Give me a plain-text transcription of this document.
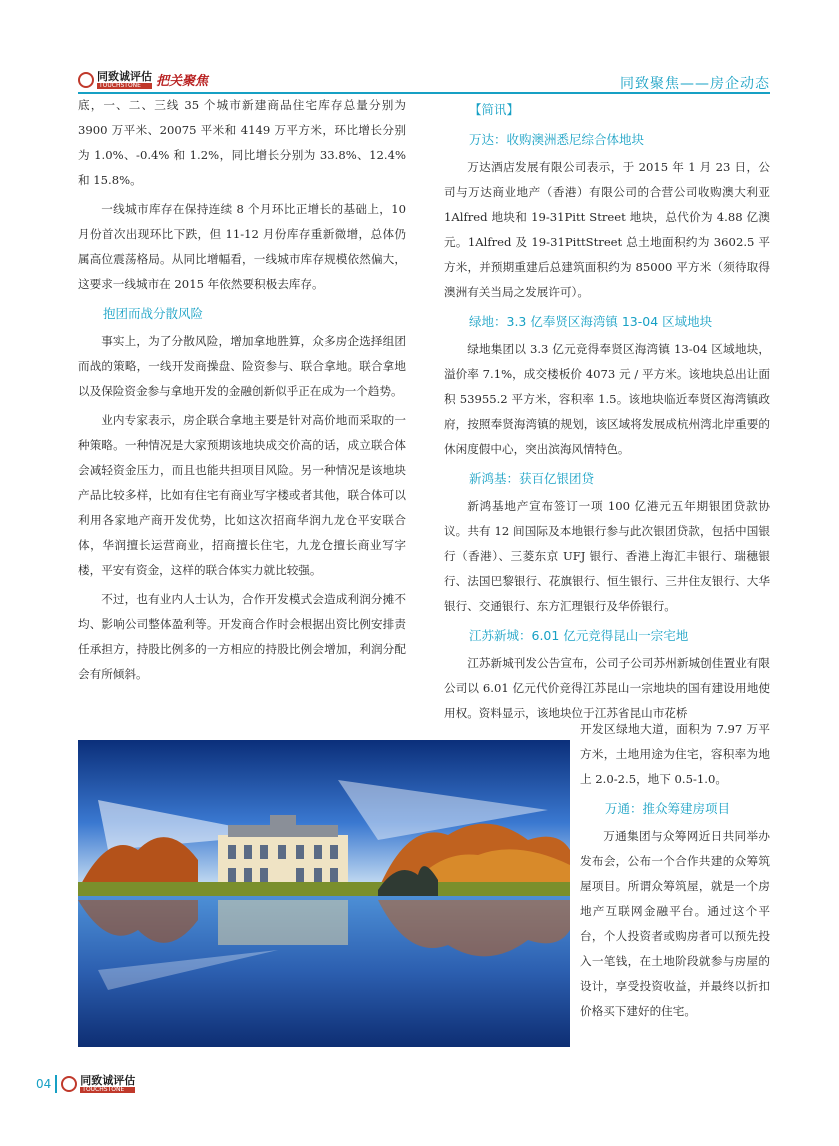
同致诚评估
TOUCHSTONE	把关聚焦	同致聚焦——房企动态

底，一、二、三线 35 个城市新建商品住宅库存总量分别为 3900 万平米、20075 平米和 4149 万平方米，环比增长分别为 1.0%、-0.4% 和 1.2%，同比增长分别为 33.8%、12.4% 和 15.8%。

一线城市库存在保持连续 8 个月环比正增长的基础上，10 月份首次出现环比下跌，但 11-12 月份库存重新微增，总体仍属高位震荡格局。从同比增幅看，一线城市库存规模依然偏大，这要求一线城市在 2015 年依然要积极去库存。

抱团而战分散风险

事实上，为了分散风险，增加拿地胜算，众多房企选择组团而战的策略，一线开发商操盘、险资参与、联合拿地。联合拿地以及保险资金参与拿地开发的金融创新似乎正在成为一个趋势。

业内专家表示，房企联合拿地主要是针对高价地而采取的一种策略。一种情况是大家预期该地块成交价高的话，成立联合体会减轻资金压力，而且也能共担项目风险。另一种情况是该地块产品比较多样，比如有住宅有商业写字楼或者其他，联合体可以利用各家地产商开发优势，比如这次招商华润九龙仓平安联合体，华润擅长运营商业，招商擅长住宅，九龙仓擅长商业写字楼，平安有资金，这样的联合体实力就比较强。

不过，也有业内人士认为，合作开发模式会造成利润分摊不均、影响公司整体盈利等。开发商合作时会根据出资比例安排责任承担方，持股比例多的一方相应的持股比例会增加，利润分配会有所倾斜。

【简讯】
万达：收购澳洲悉尼综合体地块

万达酒店发展有限公司表示，于 2015 年 1 月 23 日，公司与万达商业地产（香港）有限公司的合营公司收购澳大利亚 1Alfred 地块和 19-31Pitt Street 地块，总代价为 4.88 亿澳元。1Alfred 及 19-31PittStreet 总土地面积约为 3602.5 平方米，并预期重建后总建筑面积约为 85000 平方米（须待取得澳洲有关当局之发展许可）。

绿地：3.3 亿奉贤区海湾镇 13-04 区域地块

绿地集团以 3.3 亿元竞得奉贤区海湾镇 13-04 区域地块，溢价率 7.1%，成交楼板价 4073 元 / 平方米。该地块总出让面积 53955.2 平方米，容积率 1.5。该地块临近奉贤区海湾镇政府，按照奉贤海湾镇的规划，该区域将发展成杭州湾北岸重要的休闲度假中心，突出滨海风情特色。

新鸿基：获百亿银团贷

新鸿基地产宣布签订一项 100 亿港元五年期银团贷款协议。共有 12 间国际及本地银行参与此次银团贷款，包括中国银行（香港）、三菱东京 UFJ 银行、香港上海汇丰银行、瑞穗银行、法国巴黎银行、花旗银行、恒生银行、三井住友银行、大华银行、交通银行、东方汇理银行及华侨银行。

江苏新城：6.01 亿元竞得昆山一宗宅地

江苏新城刊发公告宣布，公司子公司苏州新城创佳置业有限公司以 6.01 亿元代价竞得江苏昆山一宗地块的国有建设用地使用权。资料显示，该地块位于江苏省昆山市花桥

开发区绿地大道，面积为 7.97 万平方米，土地用途为住宅，容积率为地上 2.0-2.5，地下 0.5-1.0。

万通：推众筹建房项目

万通集团与众筹网近日共同举办发布会，公布一个合作共建的众筹筑屋项目。所谓众筹筑屋，就是一个房地产互联网金融平台。通过这个平台，个人投资者或购房者可以预先投入一笔钱，在土地阶段就参与房屋的设计，享受投资收益，并最终以折扣价格买下建好的住宅。

04	同致诚评估
TOUCHSTONE
